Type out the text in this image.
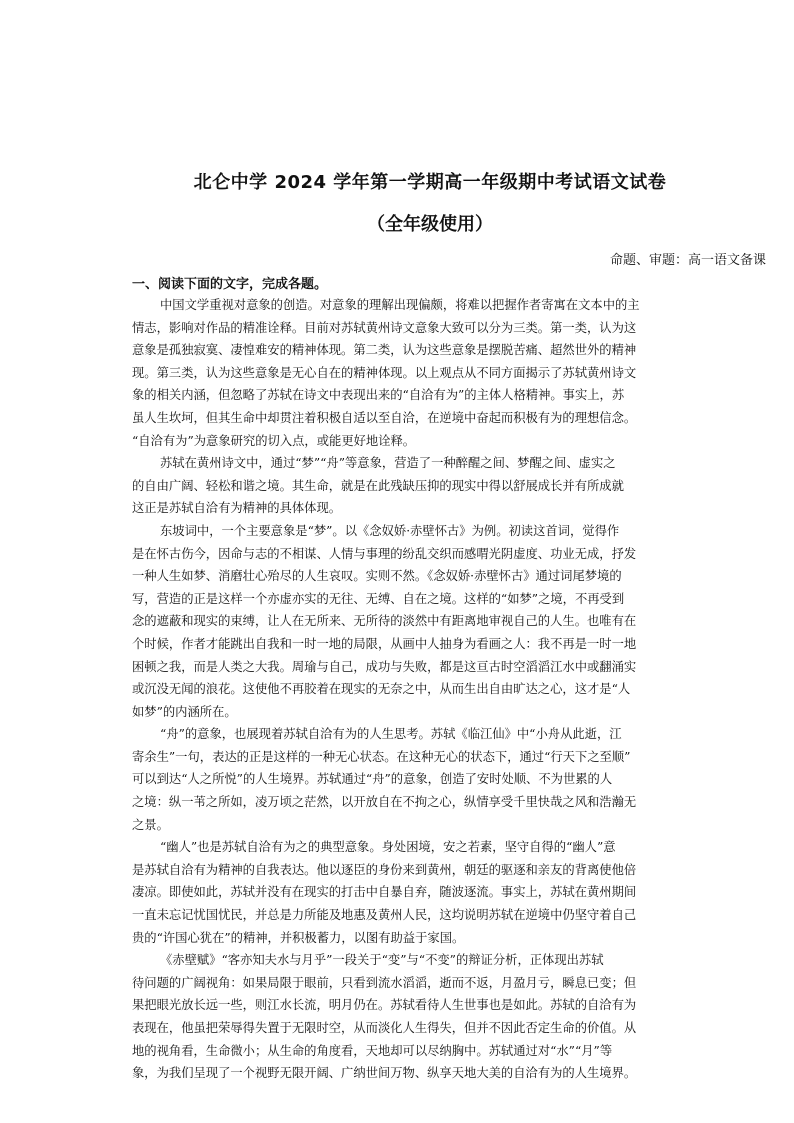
北仑中学 2024 学年第一学期高一年级期中考试语文试卷
（全年级使用）
命题、审题：高一语文备课
一、阅读下面的文字，完成各题。
中国文学重视对意象的创造。对意象的理解出现偏颇，将难以把握作者寄寓在文本中的主
情志，影响对作品的精准诠释。目前对苏轼黄州诗文意象大致可以分为三类。第一类，认为这
意象是孤独寂寞、凄惶难安的精神体现。第二类，认为这些意象是摆脱苦痛、超然世外的精神
现。第三类，认为这些意象是无心自在的精神体现。以上观点从不同方面揭示了苏轼黄州诗文
象的相关内涵，但忽略了苏轼在诗文中表现出来的“自洽有为”的主体人格精神。事实上，苏
虽人生坎坷，但其生命中却贯注着积极自适以至自洽，在逆境中奋起而积极有为的理想信念。
“自洽有为”为意象研究的切入点，或能更好地诠释。
苏轼在黄州诗文中，通过“梦”“舟”等意象，营造了一种醉醒之间、梦醒之间、虚实之
的自由广阔、轻松和谐之境。其生命，就是在此残缺压抑的现实中得以舒展成长并有所成就
这正是苏轼自洽有为精神的具体体现。
东坡词中，一个主要意象是“梦”。以《念奴娇·赤壁怀古》为例。初读这首词，觉得作
是在怀古伤今，因命与志的不相谋、人情与事理的纷乱交织而感喟光阴虚度、功业无成，抒发
一种人生如梦、消磨壮心殆尽的人生哀叹。实则不然。《念奴娇·赤壁怀古》通过词尾梦境的
写，营造的正是这样一个亦虚亦实的无往、无缚、自在之境。这样的“如梦”之境，不再受到
念的遮蔽和现实的束缚，让人在无所来、无所待的淡然中有距离地审视自己的人生。也唯有在
个时候，作者才能跳出自我和一时一地的局限，从画中人抽身为看画之人：我不再是一时一地
困顿之我，而是人类之大我。周瑜与自己，成功与失败，都是这亘古时空滔滔江水中或翻涌实
或沉没无闻的浪花。这使他不再胶着在现实的无奈之中，从而生出自由旷达之心，这才是“人
如梦”的内涵所在。
“舟”的意象，也展现着苏轼自洽有为的人生思考。苏轼《临江仙》中“小舟从此逝，江
寄余生”一句，表达的正是这样的一种无心状态。在这种无心的状态下，通过“行天下之至顺”
可以到达“人之所悦”的人生境界。苏轼通过“舟”的意象，创造了安时处顺、不为世累的人
之境：纵一苇之所如，凌万顷之茫然，以开放自在不拘之心，纵情享受千里快哉之风和浩瀚无
之景。
“幽人”也是苏轼自洽有为之的典型意象。身处困境，安之若素，坚守自得的“幽人”意
是苏轼自洽有为精神的自我表达。他以逐臣的身份来到黄州，朝廷的驱逐和亲友的背离使他倍
凄凉。即使如此，苏轼并没有在现实的打击中自暴自弃，随波逐流。事实上，苏轼在黄州期间
一直未忘记忧国忧民，并总是力所能及地惠及黄州人民，这均说明苏轼在逆境中仍坚守着自己
贵的“许国心犹在”的精神，并积极蓄力，以图有助益于家国。
《赤壁赋》“客亦知夫水与月乎”一段关于“变”与“不变”的辩证分析，正体现出苏轼
待问题的广阔视角：如果局限于眼前，只看到流水滔滔，逝而不返，月盈月亏，瞬息已变；但
果把眼光放长远一些，则江水长流，明月仍在。苏轼看待人生世事也是如此。苏轼的自洽有为
表现在，他虽把荣辱得失置于无限时空，从而淡化人生得失，但并不因此否定生命的价值。从
地的视角看，生命微小；从生命的角度看，天地却可以尽纳胸中。苏轼通过对“水”“月”等
象，为我们呈现了一个视野无限开阔、广纳世间万物、纵享天地大美的自洽有为的人生境界。
